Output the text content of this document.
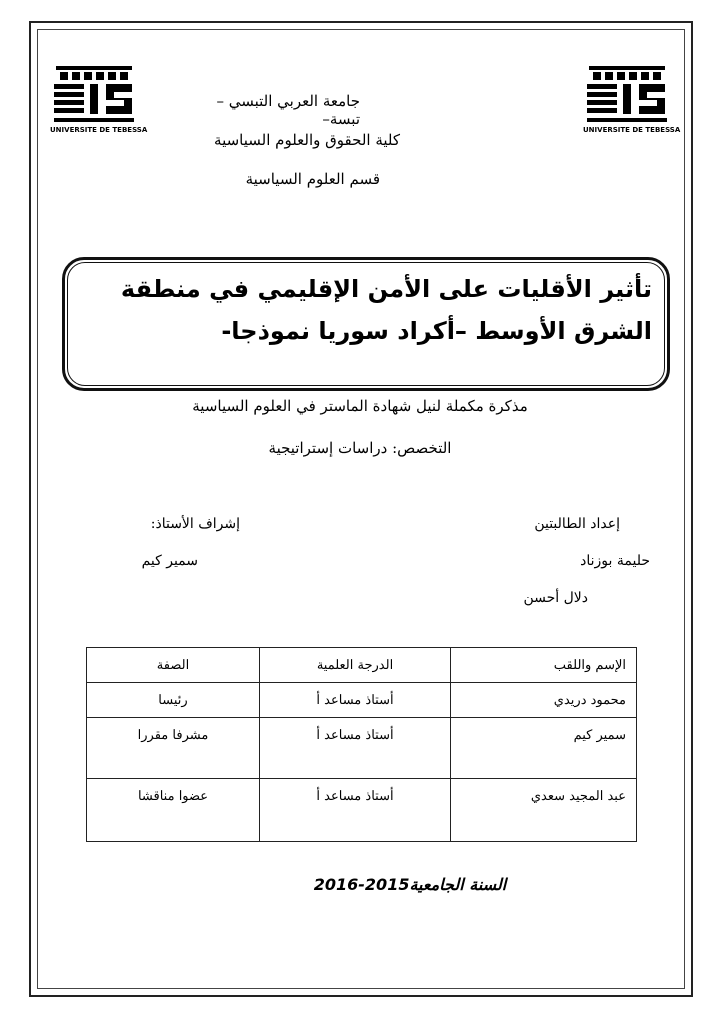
UNIVERSITE DE TEBESSA	UNIVERSITE DE TEBESSA
جامعة العربي التبسي –تبسة–
كلية الحقوق والعلوم السياسية
قسم العلوم السياسية
تأثير الأقليات على الأمن الإقليمي في منطقة الشرق الأوسط –أكراد سوريا نموذجا-
مذكرة مكملة لنيل شهادة الماستر في العلوم السياسية
التخصص: دراسات إستراتيجية
إعداد الطالبتين
حليمة بوزناد
دلال أحسن
إشراف الأستاذ:
سمير كيم
الإسم واللقب	الدرجة العلمية	الصفة
محمود دريدي	أستاذ مساعد أ	رئيسا
سمير كيم	أستاذ مساعد أ	مشرفا مقررا
عبد المجيد سعدي	أستاذ مساعد أ	عضوا مناقشا
السنة الجامعية2015-2016
